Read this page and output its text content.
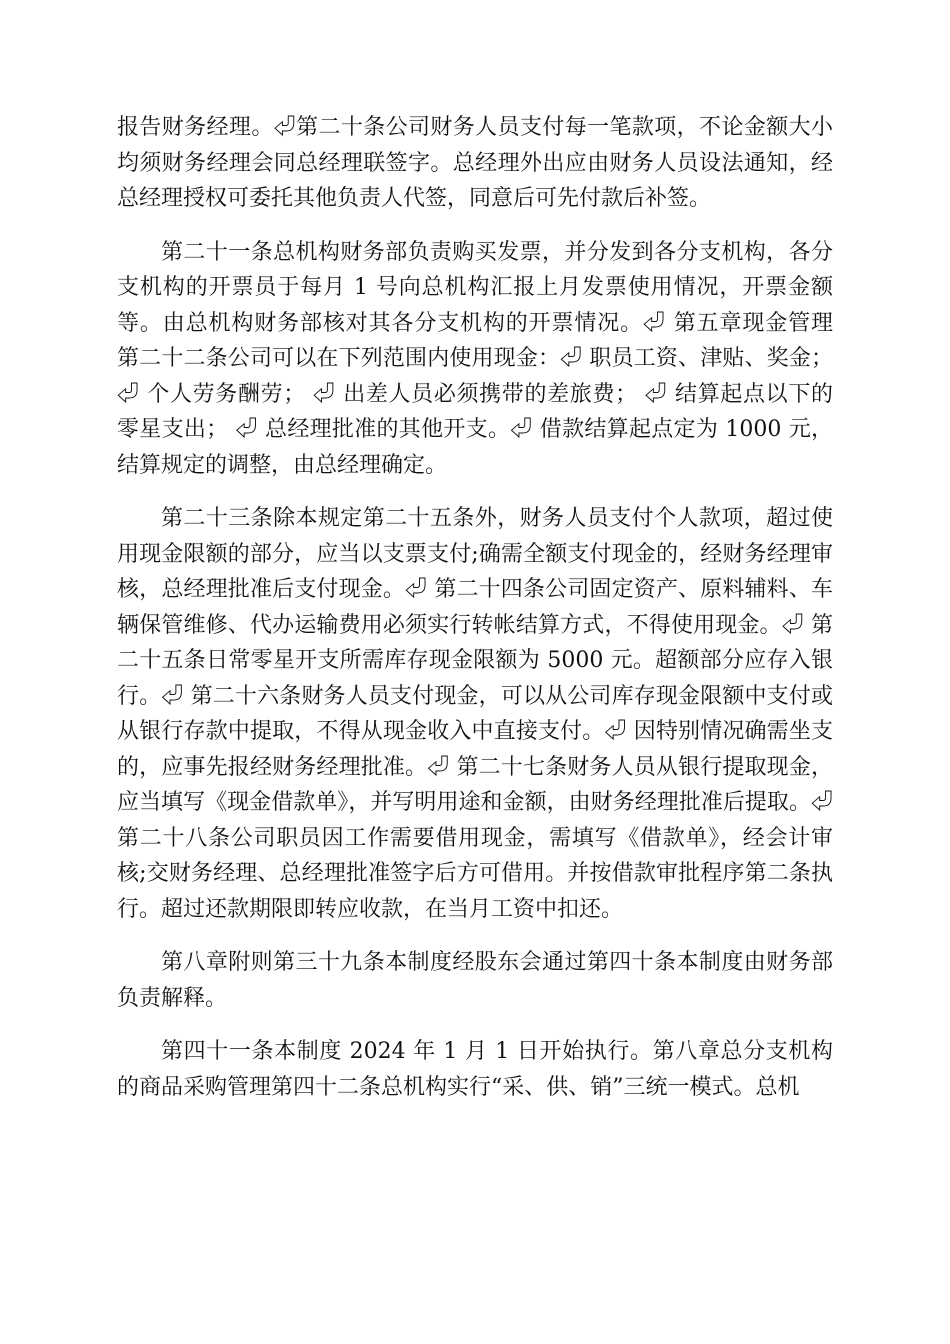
报告财务经理。⏎第二十条公司财务人员支付每一笔款项，不论金额大小均须财务经理会同总经理联签字。总经理外出应由财务人员设法通知，经总经理授权可委托其他负责人代签，同意后可先付款后补签。

第二十一条总机构财务部负责购买发票，并分发到各分支机构，各分支机构的开票员于每月 1 号向总机构汇报上月发票使用情况，开票金额等。由总机构财务部核对其各分支机构的开票情况。⏎ 第五章现金管理 第二十二条公司可以在下列范围内使用现金：⏎ 职员工资、津贴、奖金； ⏎ 个人劳务酬劳； ⏎ 出差人员必须携带的差旅费； ⏎ 结算起点以下的零星支出； ⏎ 总经理批准的其他开支。⏎ 借款结算起点定为 1000 元，结算规定的调整，由总经理确定。

第二十三条除本规定第二十五条外，财务人员支付个人款项，超过使用现金限额的部分，应当以支票支付;确需全额支付现金的，经财务经理审核，总经理批准后支付现金。⏎ 第二十四条公司固定资产、原料辅料、车辆保管维修、代办运输费用必须实行转帐结算方式，不得使用现金。⏎ 第二十五条日常零星开支所需库存现金限额为 5000 元。超额部分应存入银行。⏎ 第二十六条财务人员支付现金，可以从公司库存现金限额中支付或从银行存款中提取，不得从现金收入中直接支付。⏎ 因特别情况确需坐支的，应事先报经财务经理批准。⏎ 第二十七条财务人员从银行提取现金，应当填写《现金借款单》，并写明用途和金额，由财务经理批准后提取。⏎ 第二十八条公司职员因工作需要借用现金，需填写《借款单》，经会计审核;交财务经理、总经理批准签字后方可借用。并按借款审批程序第二条执行。超过还款期限即转应收款，在当月工资中扣还。

第八章附则第三十九条本制度经股东会通过第四十条本制度由财务部负责解释。

第四十一条本制度 2024 年 1 月 1 日开始执行。第八章总分支机构的商品采购管理第四十二条总机构实行“采、供、销”三统一模式。总机
